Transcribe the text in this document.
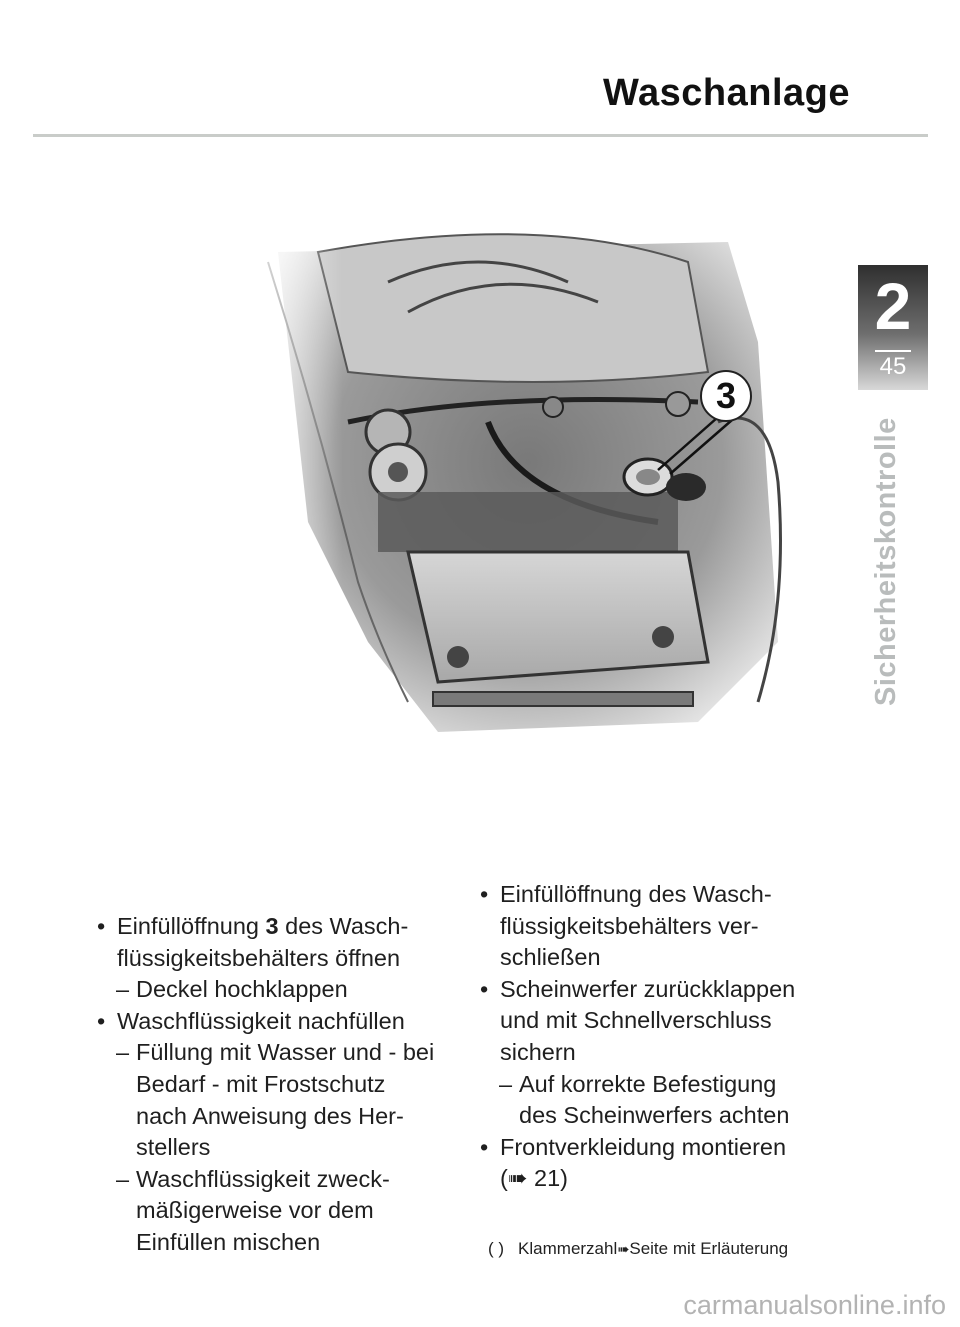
Waschanlage
2
45
Sicherheitskontrolle
3
• Einfüllöffnung 3 des Wasch-
flüssigkeitsbehälters öffnen
– Deckel hochklappen
• Waschflüssigkeit nachfüllen
– Füllung mit Wasser und - bei
Bedarf - mit Frostschutz
nach Anweisung des Her-
stellers
– Waschflüssigkeit zweck-
mäßigerweise vor dem
Einfüllen mischen
• Einfüllöffnung des Wasch-
flüssigkeitsbehälters ver-
schließen
• Scheinwerfer zurückklappen
und mit Schnellverschluss
sichern
– Auf korrekte Befestigung
des Scheinwerfers achten
• Frontverkleidung montieren
(➠ 21)
( ) Klammerzahl➠Seite mit Erläuterung
carmanualsonline.info
